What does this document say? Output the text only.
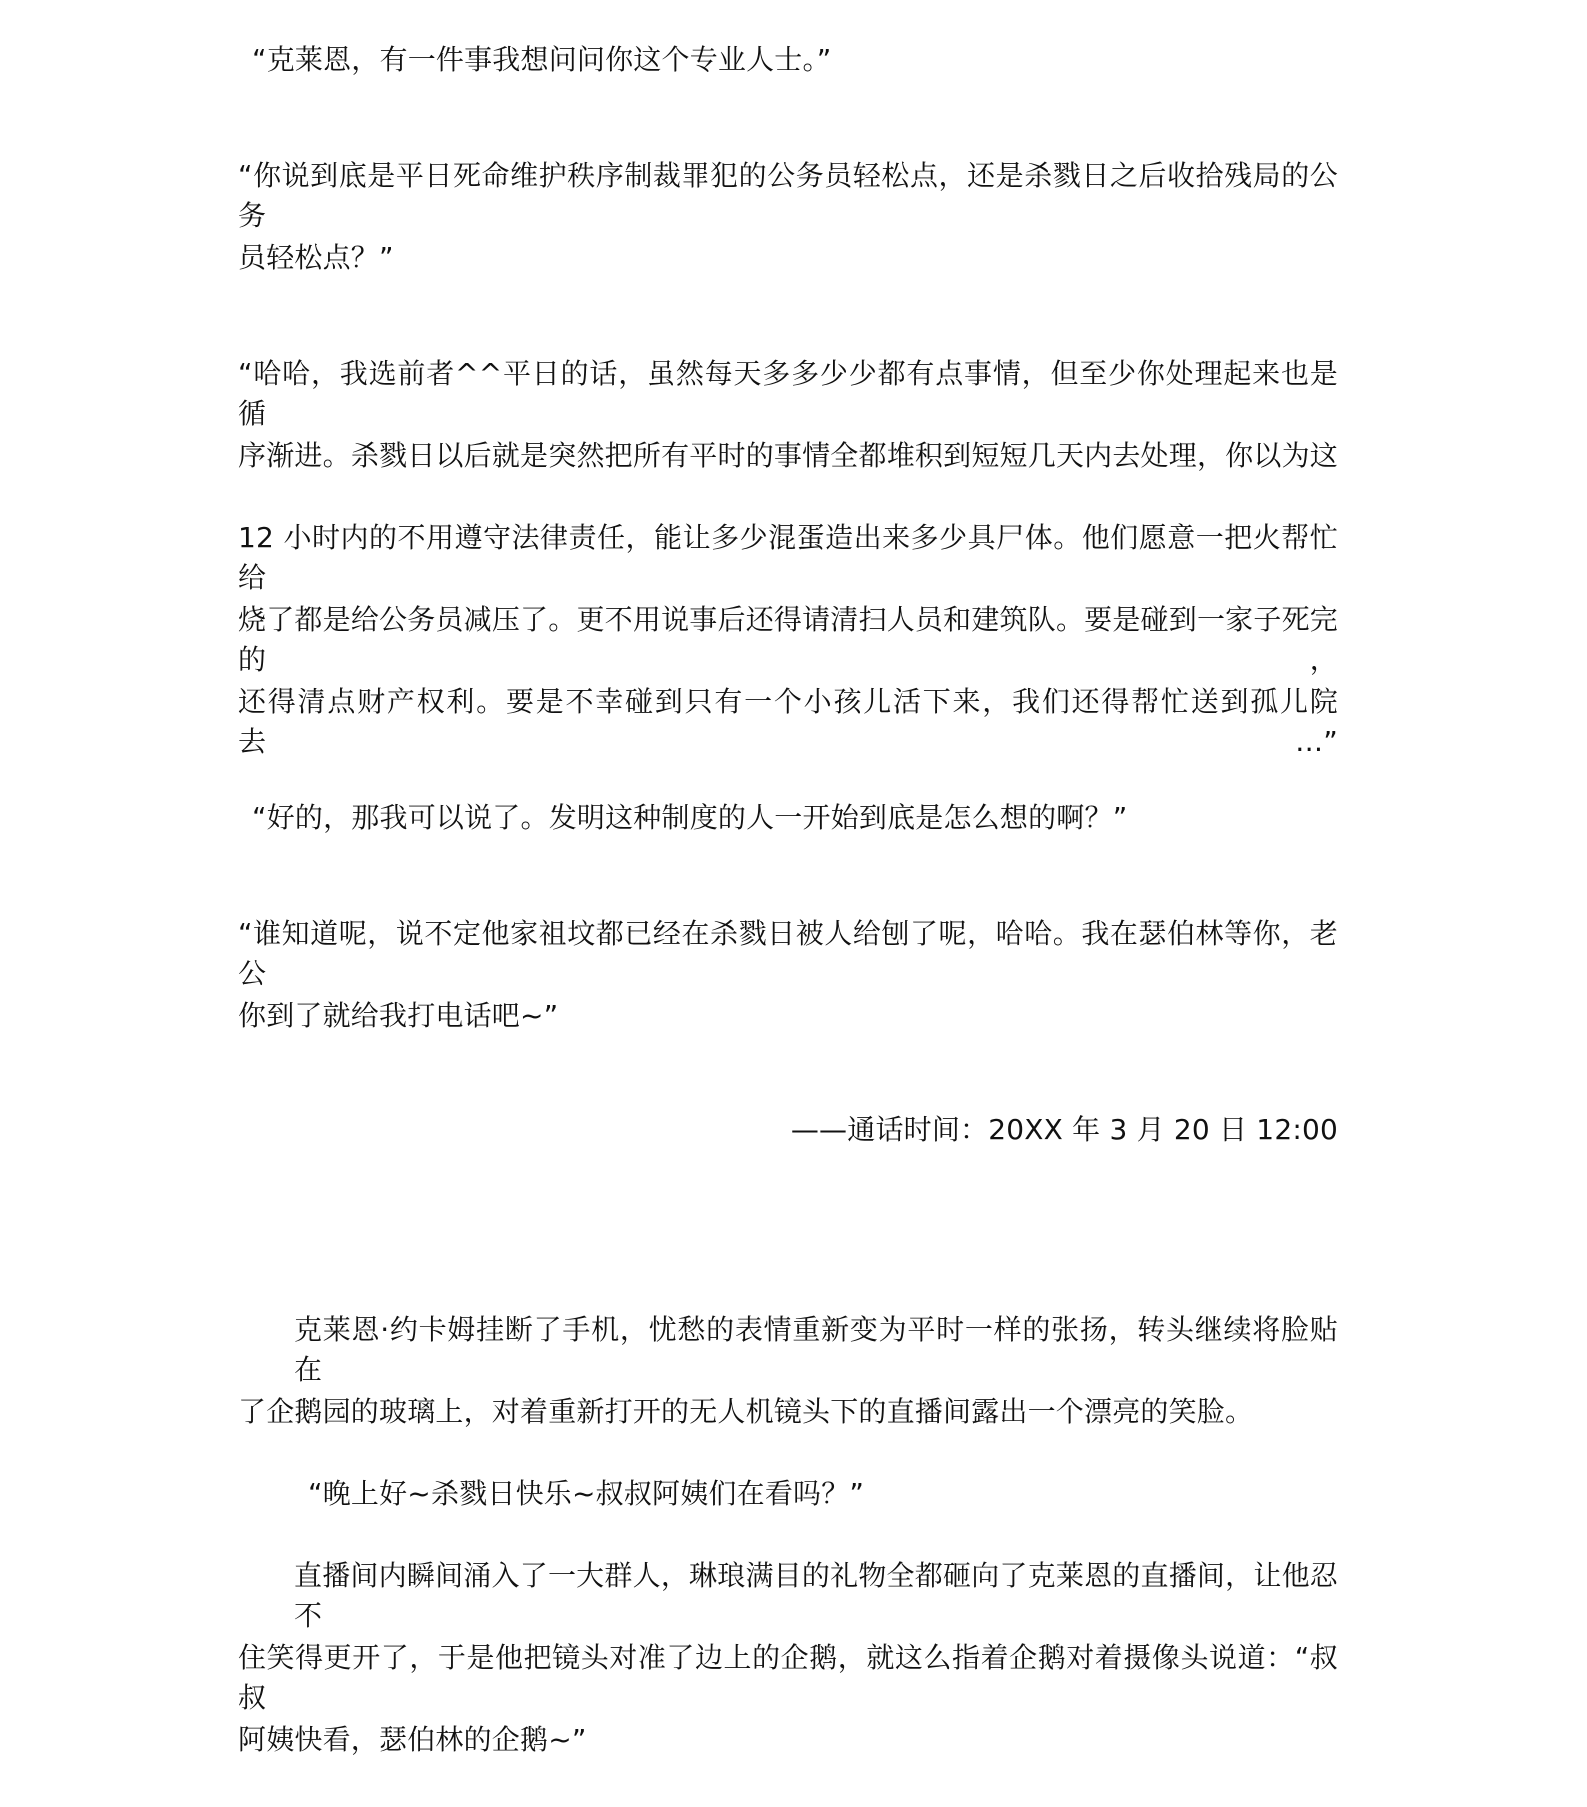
“克莱恩，有一件事我想问问你这个专业人士。”
“你说到底是平日死命维护秩序制裁罪犯的公务员轻松点，还是杀戮日之后收拾残局的公务
员轻松点？”
“哈哈，我选前者^^平日的话，虽然每天多多少少都有点事情，但至少你处理起来也是循
序渐进。杀戮日以后就是突然把所有平时的事情全都堆积到短短几天内去处理，你以为这
12 小时内的不用遵守法律责任，能让多少混蛋造出来多少具尸体。他们愿意一把火帮忙给
烧了都是给公务员减压了。更不用说事后还得请清扫人员和建筑队。要是碰到一家子死完的，
还得清点财产权利。要是不幸碰到只有一个小孩儿活下来，我们还得帮忙送到孤儿院去…”
“好的，那我可以说了。发明这种制度的人一开始到底是怎么想的啊？”
“谁知道呢，说不定他家祖坟都已经在杀戮日被人给刨了呢，哈哈。我在瑟伯林等你，老公
你到了就给我打电话吧~”
——通话时间：20XX 年 3 月 20 日 12:00
克莱恩·约卡姆挂断了手机，忧愁的表情重新变为平时一样的张扬，转头继续将脸贴在
了企鹅园的玻璃上，对着重新打开的无人机镜头下的直播间露出一个漂亮的笑脸。
“晚上好~杀戮日快乐~叔叔阿姨们在看吗？”
直播间内瞬间涌入了一大群人，琳琅满目的礼物全都砸向了克莱恩的直播间，让他忍不
住笑得更开了，于是他把镜头对准了边上的企鹅，就这么指着企鹅对着摄像头说道：“叔叔
阿姨快看，瑟伯林的企鹅~”
